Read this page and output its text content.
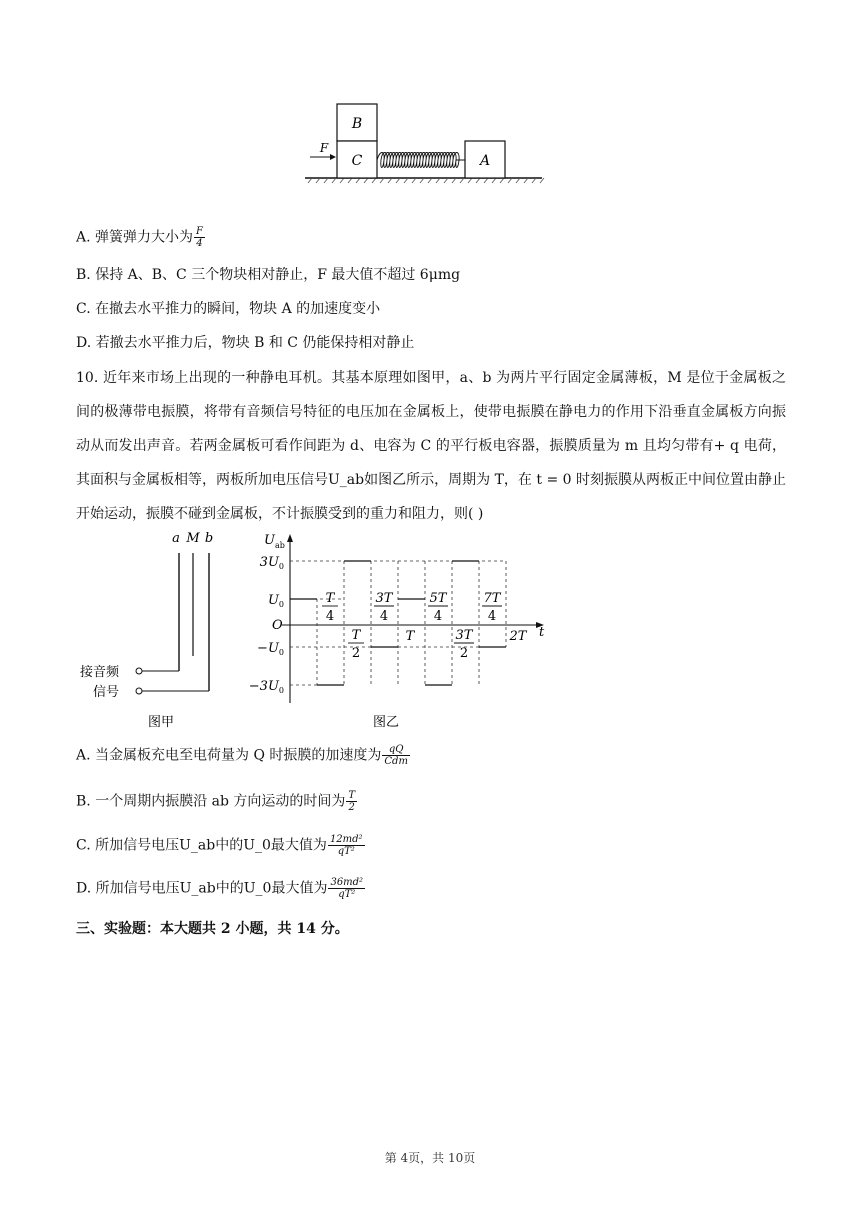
B
C	A
F
A. 弹簧弹力大小为 $\frac{F}{4}$
B. 保持 A、B、C 三个物块相对静止，F 最大值不超过 6μmg
C. 在撤去水平推力的瞬间，物块 A 的加速度变小
D. 若撤去水平推力后，物块 B 和 C 仍能保持相对静止
10. 近年来市场上出现的一种静电耳机。其基本原理如图甲，a、b 为两片平行固定金属薄板，M 是位于金属板之间的极薄带电振膜，将带有音频信号特征的电压加在金属板上，使带电振膜在静电力的作用下沿垂直金属板方向振动从而发出声音。若两金属板可看作间距为 d、电容为 C 的平行板电容器，振膜质量为 m 且均匀带有+ q 电荷，其面积与金属板相等，两板所加电压信号U_ab如图乙所示，周期为 T，在 t = 0 时刻振膜从两板正中间位置由静止开始运动，振膜不碰到金属板，不计振膜受到的重力和阻力，则( )
a M b
接音频
信号
图甲
$U_{ab}$
t
O
$3U_0$
$U_0$
$-U_0$
$-3U_0$
T
4
3T
4
5T
4
7T
4
T
2
3T
2
T	2T
图乙
A. 当金属板充电至电荷量为 Q 时振膜的加速度为 $\frac{qQ}{\text{Cdm}}$
B. 一个周期内振膜沿 ab 方向运动的时间为 $\frac{T}{2}$
C. 所加信号电压U_ab中的U_0最大值为 $\frac{\text{12md²}}{\text{qT²}}$
D. 所加信号电压U_ab中的U_0最大值为 $\frac{\text{36md²}}{\text{qT²}}$
三、实验题：本大题共 2 小题，共 14 分。
第 4页，共 10页
